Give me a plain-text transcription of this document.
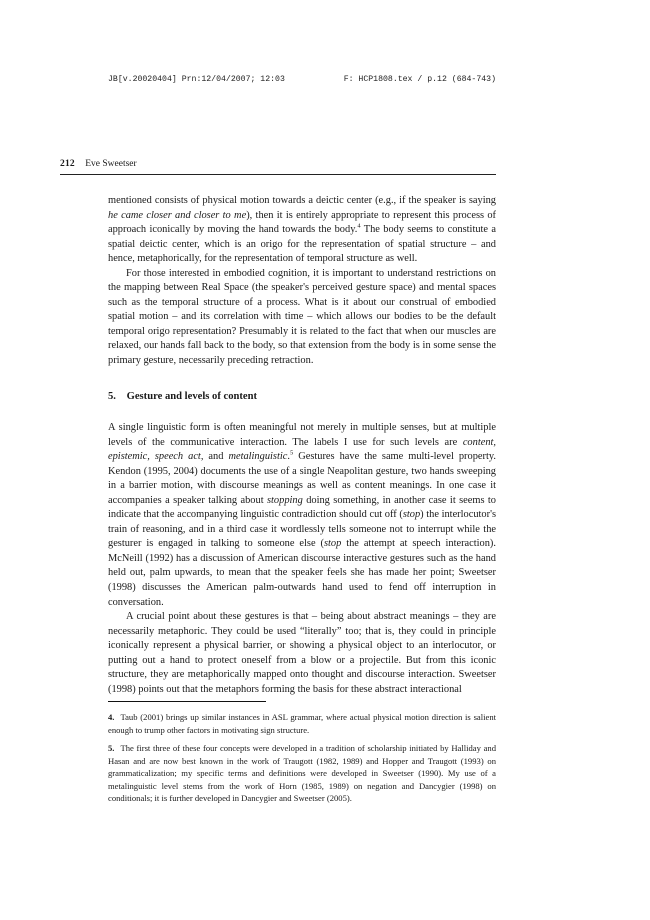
JB[v.20020404] Prn:12/04/2007; 12:03	F: HCP1808.tex / p.12 (684-743)
212 Eve Sweetser

mentioned consists of physical motion towards a deictic center (e.g., if the speaker is saying he came closer and closer to me), then it is entirely appropriate to represent this process of approach iconically by moving the hand towards the body.$^4$ The body seems to constitute a spatial deictic center, which is an origo for the representation of spatial structure – and hence, metaphorically, for the representation of temporal structure as well.

For those interested in embodied cognition, it is important to understand restrictions on the mapping between Real Space (the speaker's perceived gesture space) and mental spaces such as the temporal structure of a process. What is it about our construal of embodied spatial motion – and its correlation with time – which allows our bodies to be the default temporal origo representation? Presumably it is related to the fact that when our muscles are relaxed, our hands fall back to the body, so that extension from the body is in some sense the primary gesture, necessarily preceding retraction.

5. Gesture and levels of content

A single linguistic form is often meaningful not merely in multiple senses, but at multiple levels of the communicative interaction. The labels I use for such levels are content, epistemic, speech act, and metalinguistic.$^5$ Gestures have the same multi-level property. Kendon (1995, 2004) documents the use of a single Neapolitan gesture, two hands sweeping in a barrier motion, with discourse meanings as well as content meanings. In one case it accompanies a speaker talking about stopping doing something, in another case it seems to indicate that the accompanying linguistic contradiction should cut off (stop) the interlocutor's train of reasoning, and in a third case it wordlessly tells someone not to interrupt while the gesturer is engaged in talking to someone else (stop the attempt at speech interaction). McNeill (1992) has a discussion of American discourse interactive gestures such as the hand held out, palm upwards, to mean that the speaker feels she has made her point; Sweetser (1998) discusses the American palm-outwards hand used to fend off interruption in conversation.

A crucial point about these gestures is that – being about abstract meanings – they are necessarily metaphoric. They could be used “literally” too; that is, they could in principle iconically represent a physical barrier, or showing a physical object to an interlocutor, or putting out a hand to protect oneself from a blow or a projectile. But from this iconic structure, they are metaphorically mapped onto thought and discourse interaction. Sweetser (1998) points out that the metaphors forming the basis for these abstract interactional

4. Taub (2001) brings up similar instances in ASL grammar, where actual physical motion direction is salient enough to trump other factors in motivating sign structure.

5. The first three of these four concepts were developed in a tradition of scholarship initiated by Halliday and Hasan and are now best known in the work of Traugott (1982, 1989) and Hopper and Traugott (1993) on grammaticalization; my specific terms and definitions were developed in Sweetser (1990). My use of a metalinguistic level stems from the work of Horn (1985, 1989) on negation and Dancygier (1998) on conditionals; it is further developed in Dancygier and Sweetser (2005).
